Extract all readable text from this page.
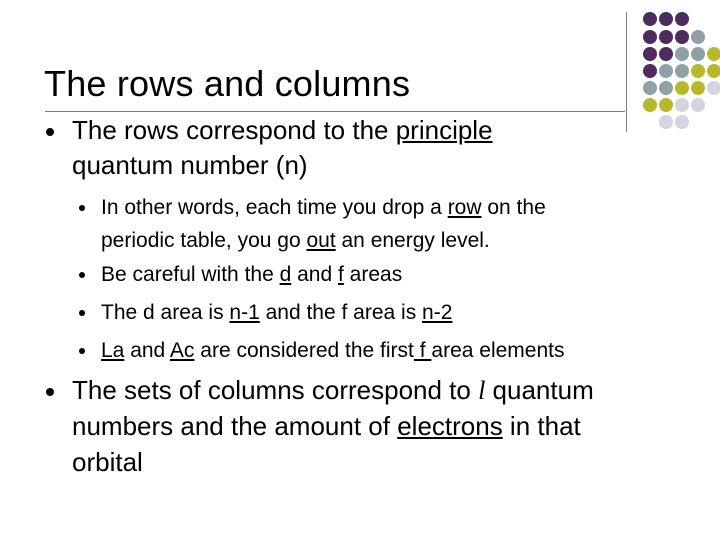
The rows and columns
The rows correspond to the principle
quantum number (n)
In other words, each time you drop a row on the
periodic table, you go out an energy level.
Be careful with the d and f areas
The d area is n-1 and the f area is n-2
La and Ac are considered the first f area elements
The sets of columns correspond to l quantum
numbers and the amount of electrons in that
orbital
